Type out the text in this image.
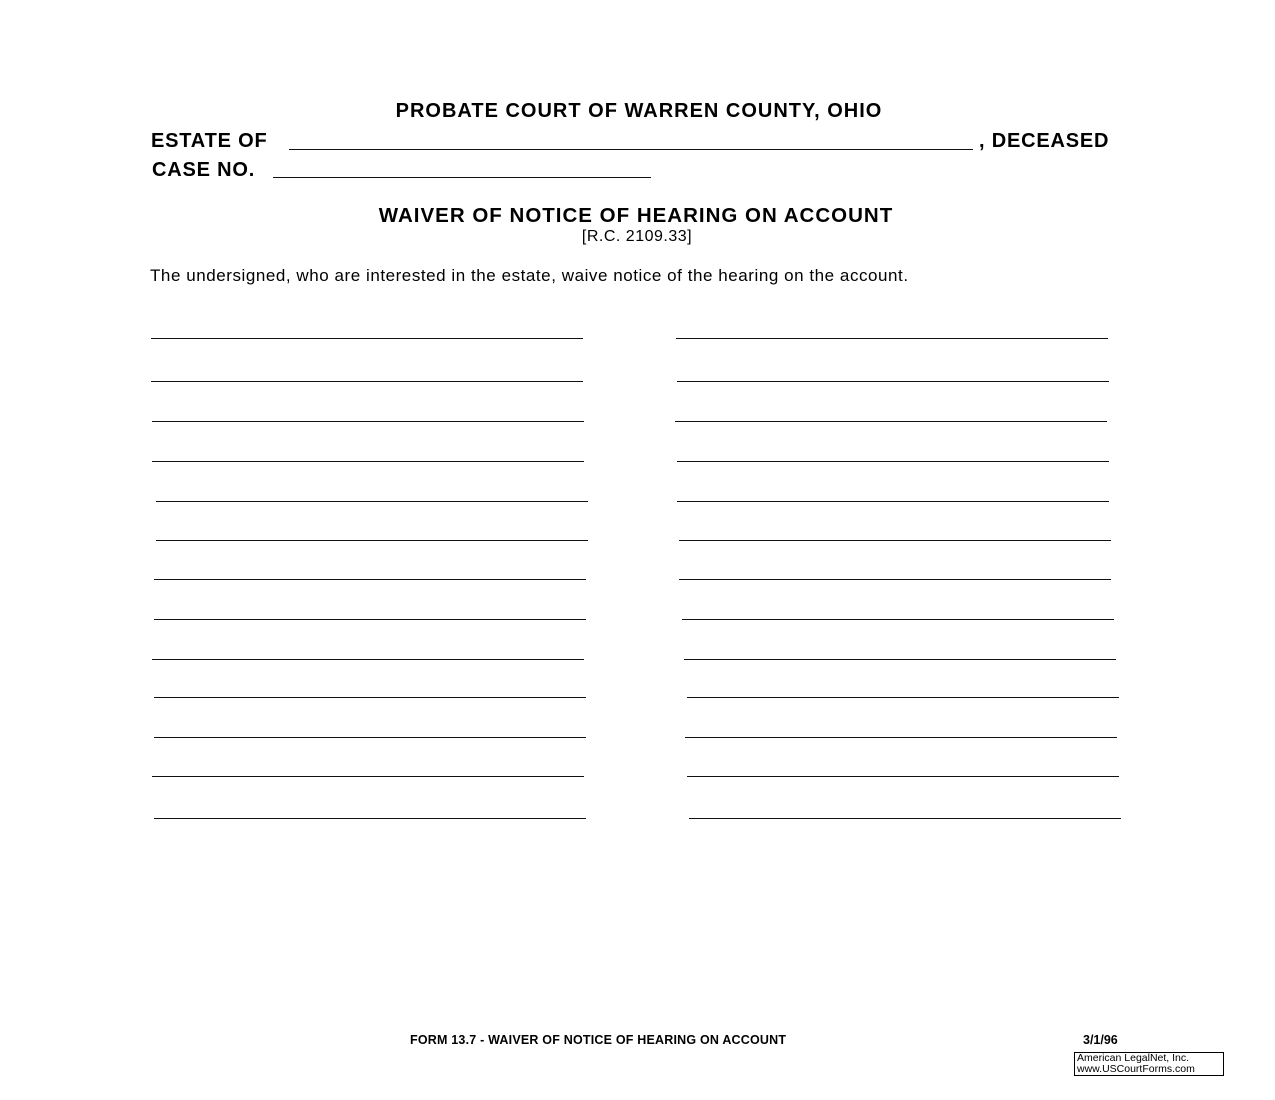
PROBATE COURT OF WARREN COUNTY, OHIO
ESTATE OF	, DECEASED
CASE NO.
WAIVER OF NOTICE OF HEARING ON ACCOUNT
[R.C. 2109.33]
The undersigned, who are interested in the estate, waive notice of the hearing on the account.
FORM 13.7 - WAIVER OF NOTICE OF HEARING ON ACCOUNT	3/1/96
American LegalNet, Inc.
www.USCourtForms.com
